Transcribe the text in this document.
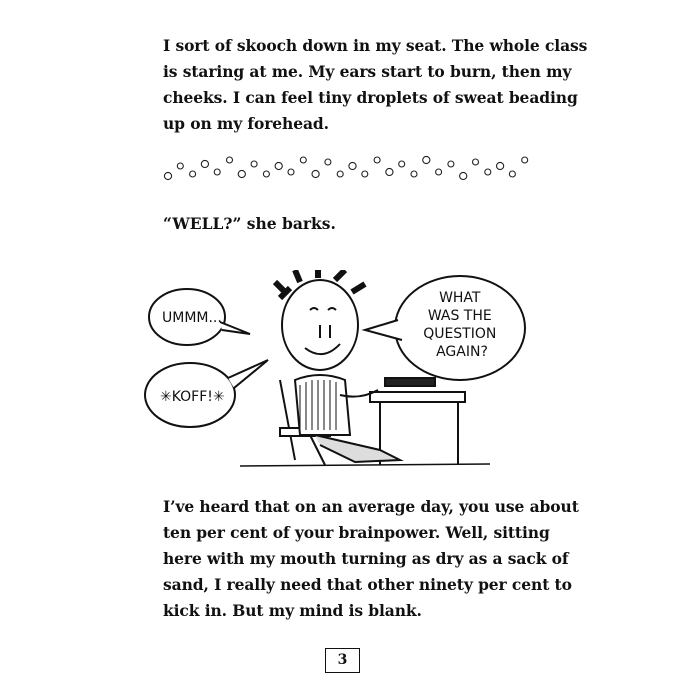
I sort of skooch down in my seat. The whole class
is staring at me. My ears start to burn, then my
cheeks. I can feel tiny droplets of sweat beading
up on my forehead.
“WELL?” she barks.
UMMM...
✳KOFF!✳
WHAT WAS THE QUESTION AGAIN?
I’ve heard that on an average day, you use about
ten per cent of your brainpower. Well, sitting
here with my mouth turning as dry as a sack of
sand, I really need that other ninety per cent to
kick in. But my mind is blank.
3
